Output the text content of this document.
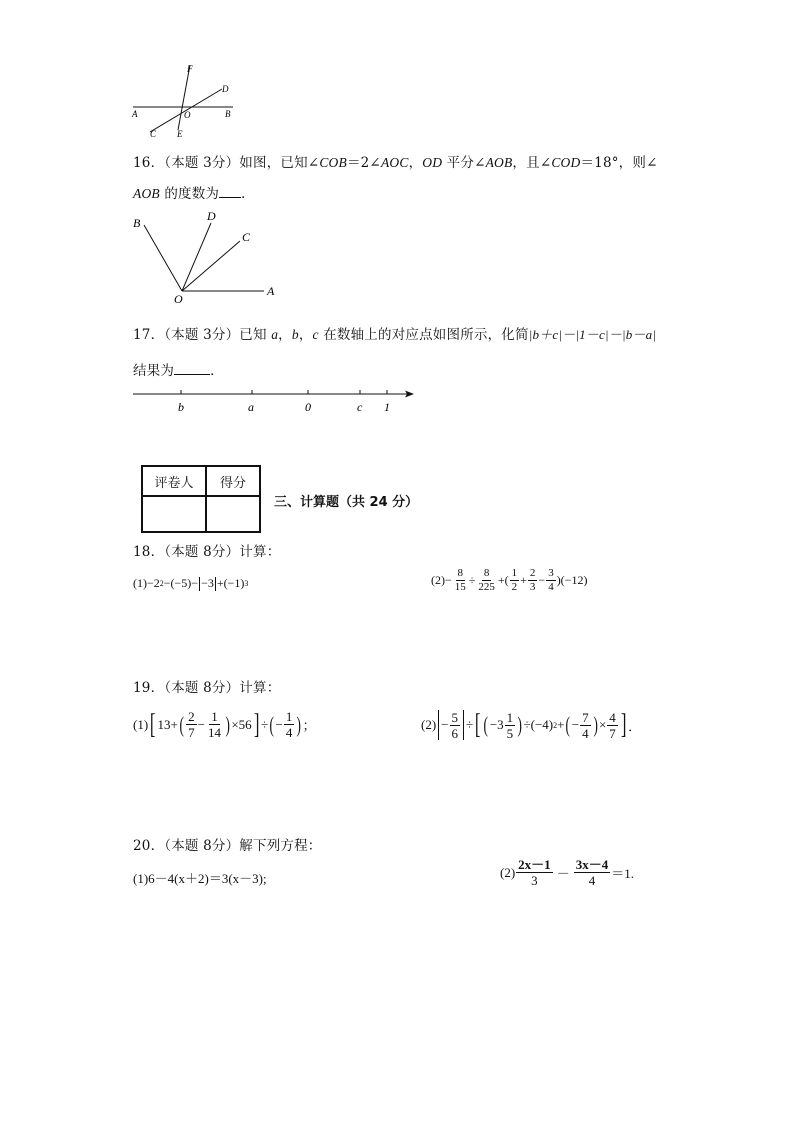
F
D
A	O	B
C E
16．（本题 3分）如图，已知∠COB＝2∠AOC，OD 平分∠AOB，且∠COD＝18°，则∠
AOB 的度数为 ．
B	D
C
O
A
17．（本题 3分）已知 a，b，c 在数轴上的对应点如图所示，化简|b＋c|－|1－c|－|b－a|
结果为	．
b	a	0	c 1
评卷人	得分

三、计算题（共 24 分）
18．（本题 8分）计算：
(1)−2 2 −(−5)− −3 +(−1) 3	$(2)- \frac{8}{15} \div \frac{8}{225}$ +( $\frac{1}{2} + \frac{2}{3} - \frac{3}{4} )(-12)$
19．（本题 8分）计算：
(1) [ 13+ ( $\frac{2}{7} - \frac{1}{14}$ ) ×56 ] ÷ ( − $\frac{1}{4}$ ) ；	$(2) - \frac{5}{6}$ ÷ [ ( $-3 \frac{1}{5}$ ) ÷(−4) 2 + ( − $\frac{7}{4}$ ) × $\frac{4}{7}$ ] ．
20．（本题 8分）解下列方程：
(1)6－4(x＋2)＝3(x－3);	$(2) \frac{2x-1}{3} - \frac{3x-4}{4} =1$.
